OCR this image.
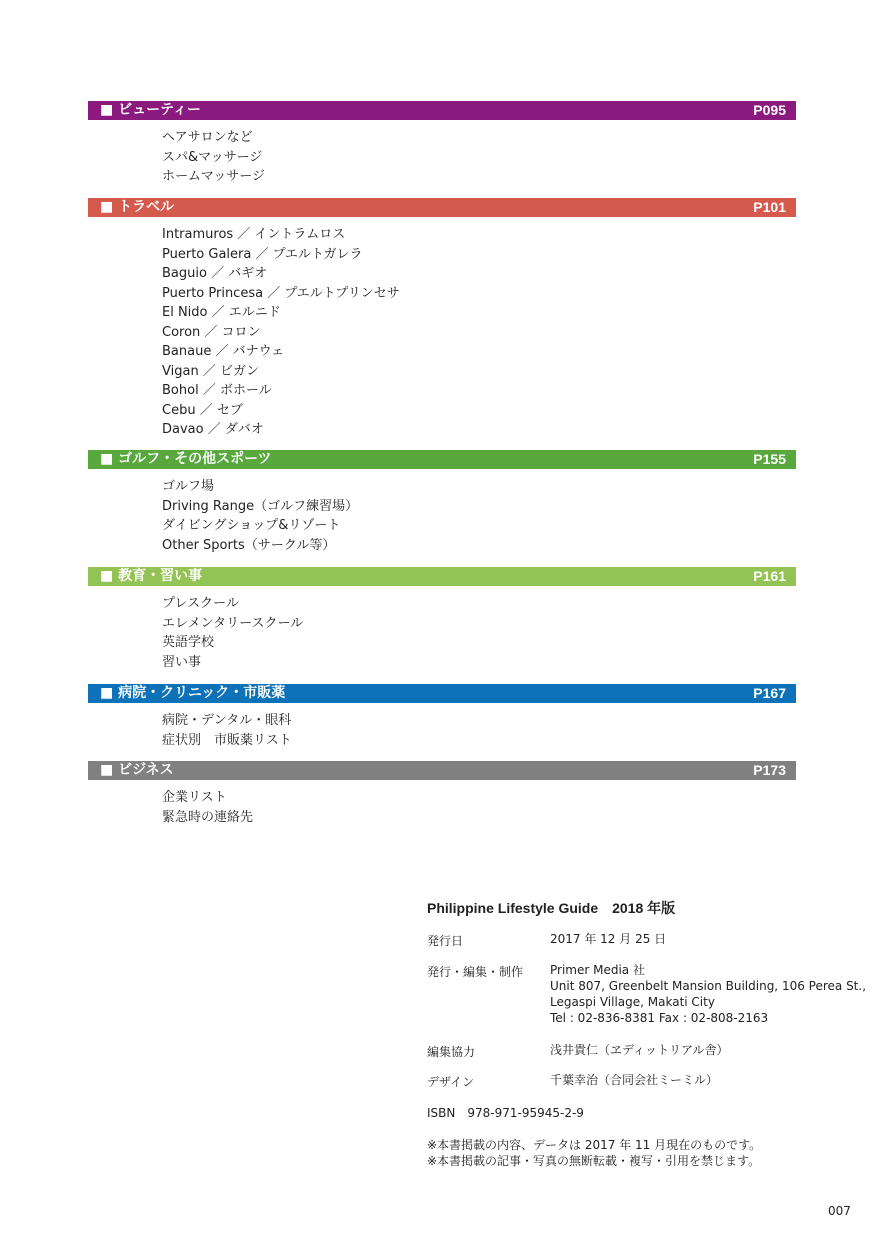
■ ビューティー	P095
ヘアサロンなど
スパ&マッサージ
ホームマッサージ
■ トラベル	P101
Intramuros ／ イントラムロス
Puerto Galera ／ プエルトガレラ
Baguio ／ バギオ
Puerto Princesa ／ プエルトプリンセサ
El Nido ／ エルニド
Coron ／ コロン
Banaue ／ バナウェ
Vigan ／ ビガン
Bohol ／ ボホール
Cebu ／ セブ
Davao ／ ダバオ
■ ゴルフ・その他スポーツ	P155
ゴルフ場
Driving Range（ゴルフ練習場）
ダイビングショップ&リゾート
Other Sports（サークル等）
■ 教育・習い事	P161
プレスクール
エレメンタリースクール
英語学校
習い事
■ 病院・クリニック・市販薬	P167
病院・デンタル・眼科
症状別　市販薬リスト
■ ビジネス	P173
企業リスト
緊急時の連絡先
Philippine Lifestyle Guide　2018 年版
発行日	2017 年 12 月 25 日
発行・編集・制作 Primer Media 社
Unit 807, Greenbelt Mansion Building, 106 Perea St.,
Legaspi Village, Makati City
Tel : 02-836-8381 Fax : 02-808-2163
編集協力	浅井貴仁（ヱディットリアル舎）
デザイン	千葉幸治（合同会社ミーミル）
ISBN　978-971-95945-2-9
※本書掲載の内容、データは 2017 年 11 月現在のものです。
※本書掲載の記事・写真の無断転載・複写・引用を禁じます。
007
